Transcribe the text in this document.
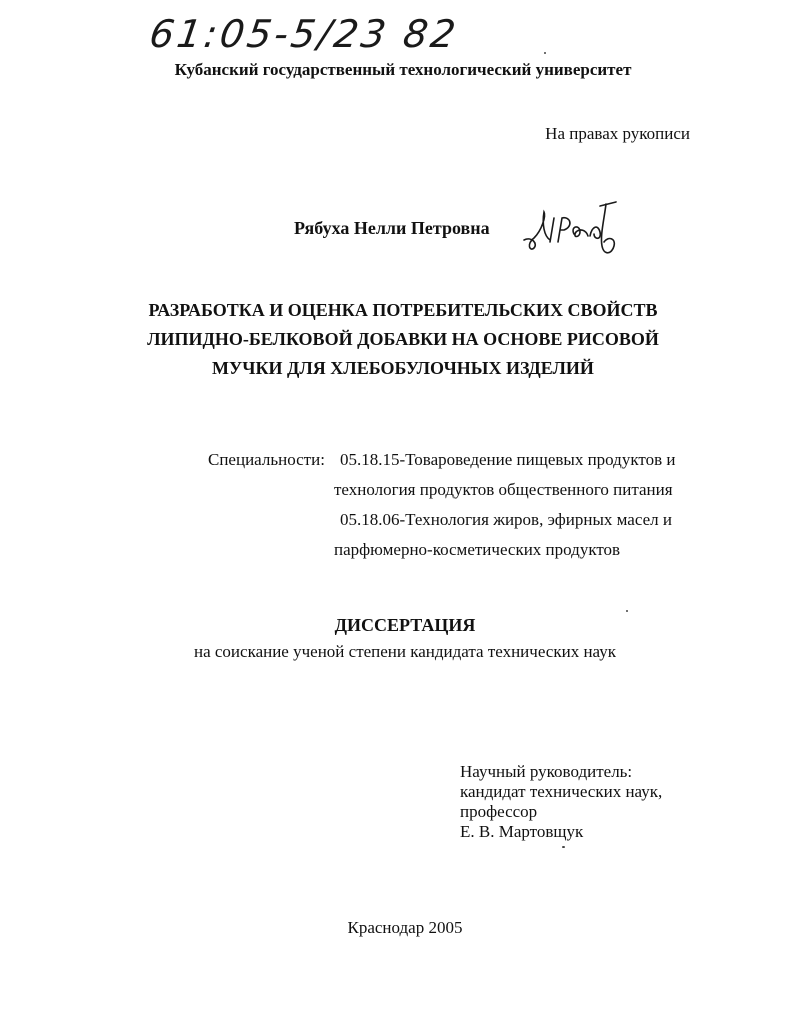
61:05-5/23 82
Кубанский государственный технологический университет
На правах рукописи
Рябуха Нелли Петровна
РАЗРАБОТКА И ОЦЕНКА ПОТРЕБИТЕЛЬСКИХ СВОЙСТВ
ЛИПИДНО-БЕЛКОВОЙ ДОБАВКИ НА ОСНОВЕ РИСОВОЙ
МУЧКИ ДЛЯ ХЛЕБОБУЛОЧНЫХ ИЗДЕЛИЙ
Специальности: 05.18.15-Товароведение пищевых продуктов и
технология продуктов общественного питания
05.18.06-Технология жиров, эфирных масел и
парфюмерно-косметических продуктов
ДИССЕРТАЦИЯ
на соискание ученой степени кандидата технических наук
Научный руководитель:
кандидат технических наук,
профессор
Е. В. Мартовщук
Краснодар 2005
